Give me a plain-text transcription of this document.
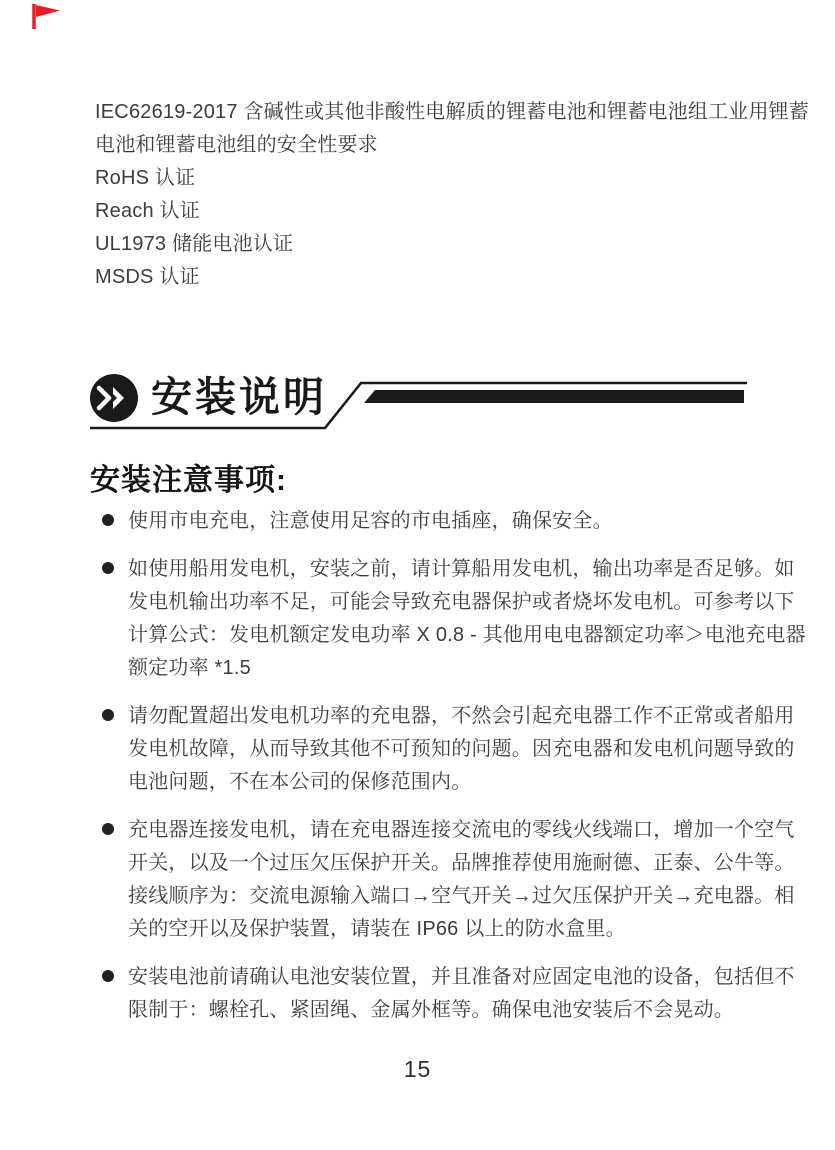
IEC62619-2017 含碱性或其他非酸性电解质的锂蓄电池和锂蓄电池组工业用锂蓄
电池和锂蓄电池组的安全性要求
RoHS 认证
Reach 认证
UL1973 储能电池认证
MSDS 认证
安装说明
安装注意事项:
使用市电充电，注意使用足容的市电插座，确保安全。
如使用船用发电机，安装之前，请计算船用发电机，输出功率是否足够。如
发电机输出功率不足，可能会导致充电器保护或者烧坏发电机。可参考以下
计算公式：发电机额定发电功率 X 0.8 - 其他用电电器额定功率＞电池充电器
额定功率 *1.5
请勿配置超出发电机功率的充电器，不然会引起充电器工作不正常或者船用
发电机故障，从而导致其他不可预知的问题。因充电器和发电机问题导致的
电池问题，不在本公司的保修范围内。
充电器连接发电机，请在充电器连接交流电的零线火线端口，增加一个空气
开关，以及一个过压欠压保护开关。品牌推荐使用施耐德、正泰、公牛等。
接线顺序为：交流电源输入端口→空气开关→过欠压保护开关→充电器。相
关的空开以及保护装置，请装在 IP66 以上的防水盒里。
安装电池前请确认电池安装位置，并且准备对应固定电池的设备，包括但不
限制于：螺栓孔、紧固绳、金属外框等。确保电池安装后不会晃动。
15
